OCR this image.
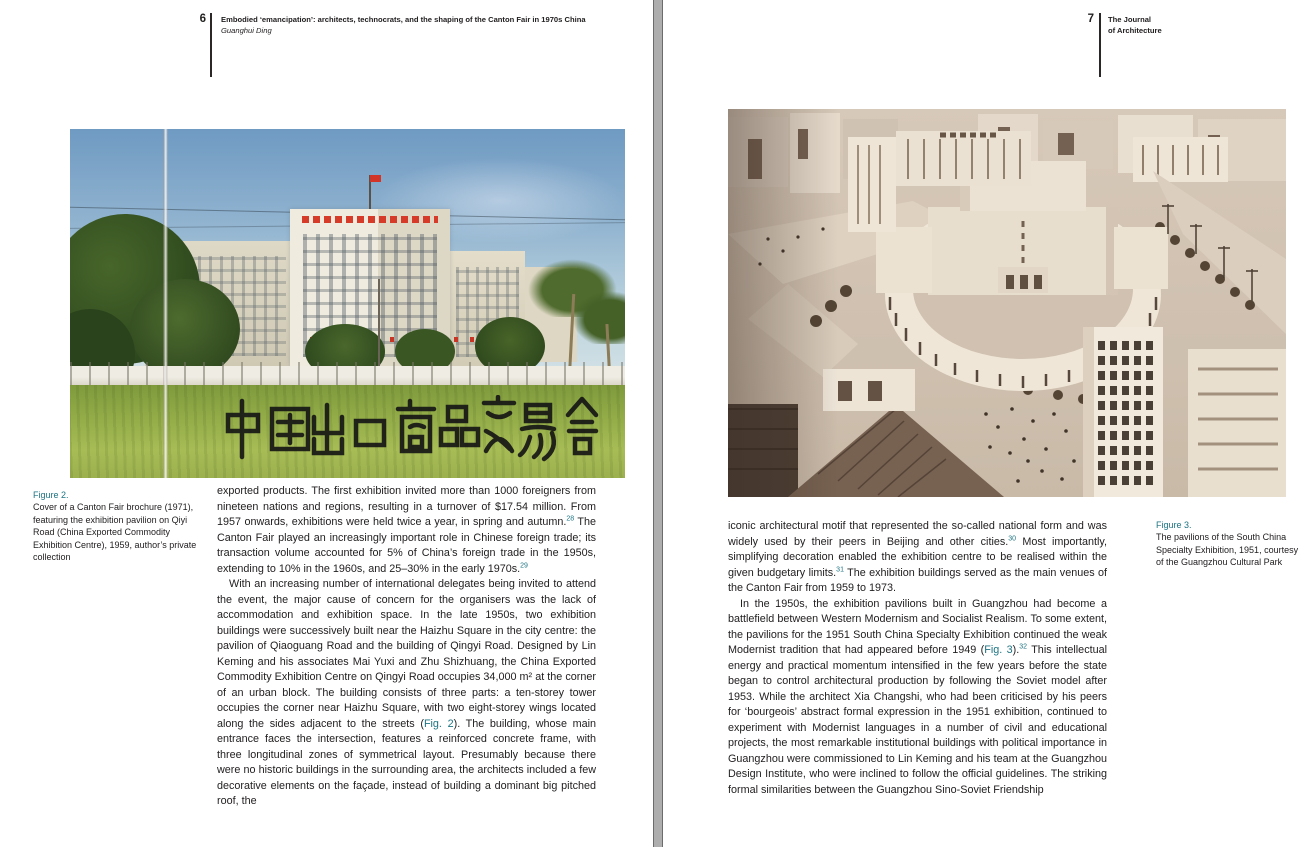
6 Embodied ‘emancipation’: architects, technocrats, and the shaping of the Canton Fair in 1970s China
Guanghui Ding
Figure 2.
Cover of a Canton Fair brochure (1971), featuring the exhibition pavilion on Qiyi Road (China Exported Commodity Exhibition Centre), 1959, author’s private collection

exported products. The first exhibition invited more than 1000 foreigners from nineteen nations and regions, resulting in a turnover of $17.54 million. From 1957 onwards, exhibitions were held twice a year, in spring and autumn.$^{28}$ The Canton Fair played an increasingly important role in Chinese foreign trade; its transaction volume accounted for 5% of China’s foreign trade in the 1950s, extending to 10% in the 1960s, and 25–30% in the early 1970s.$^{29}$

With an increasing number of international delegates being invited to attend the event, the major cause of concern for the organisers was the lack of accommodation and exhibition space. In the late 1950s, two exhibition buildings were successively built near the Haizhu Square in the city centre: the pavilion of Qiaoguang Road and the building of Qingyi Road. Designed by Lin Keming and his associates Mai Yuxi and Zhu Shizhuang, the China Exported Commodity Exhibition Centre on Qingyi Road occupies 34,000 m² at the corner of an urban block. The building consists of three parts: a ten-storey tower occupies the corner near Haizhu Square, with two eight-storey wings located along the sides adjacent to the streets (Fig. 2). The building, whose main entrance faces the intersection, features a reinforced concrete frame, with three longitudinal zones of symmetrical layout. Presumably because there were no historic buildings in the surrounding area, the architects included a few decorative elements on the façade, instead of building a dominant big pitched roof, the

7 The Journal
of Architecture

iconic architectural motif that represented the so-called national form and was widely used by their peers in Beijing and other cities.$^{30}$ Most importantly, simplifying decoration enabled the exhibition centre to be realised within the given budgetary limits.$^{31}$ The exhibition buildings served as the main venues of the Canton Fair from 1959 to 1973.

In the 1950s, the exhibition pavilions built in Guangzhou had become a battlefield between Western Modernism and Socialist Realism. To some extent, the pavilions for the 1951 South China Specialty Exhibition continued the weak Modernist tradition that had appeared before 1949 (Fig. 3).$^{32}$ This intellectual energy and practical momentum intensified in the few years before the state began to control architectural production by following the Soviet model after 1953. While the architect Xia Changshi, who had been criticised by his peers for ‘bourgeois’ abstract formal expression in the 1951 exhibition, continued to experiment with Modernist languages in a number of civil and educational projects, the most remarkable institutional buildings with political importance in Guangzhou were commissioned to Lin Keming and his team at the Guangzhou Design Institute, who were inclined to follow the official guidelines. The striking formal similarities between the Guangzhou Sino-Soviet Friendship

Figure 3.
The pavilions of the South China Specialty Exhibition, 1951, courtesy of the Guangzhou Cultural Park
